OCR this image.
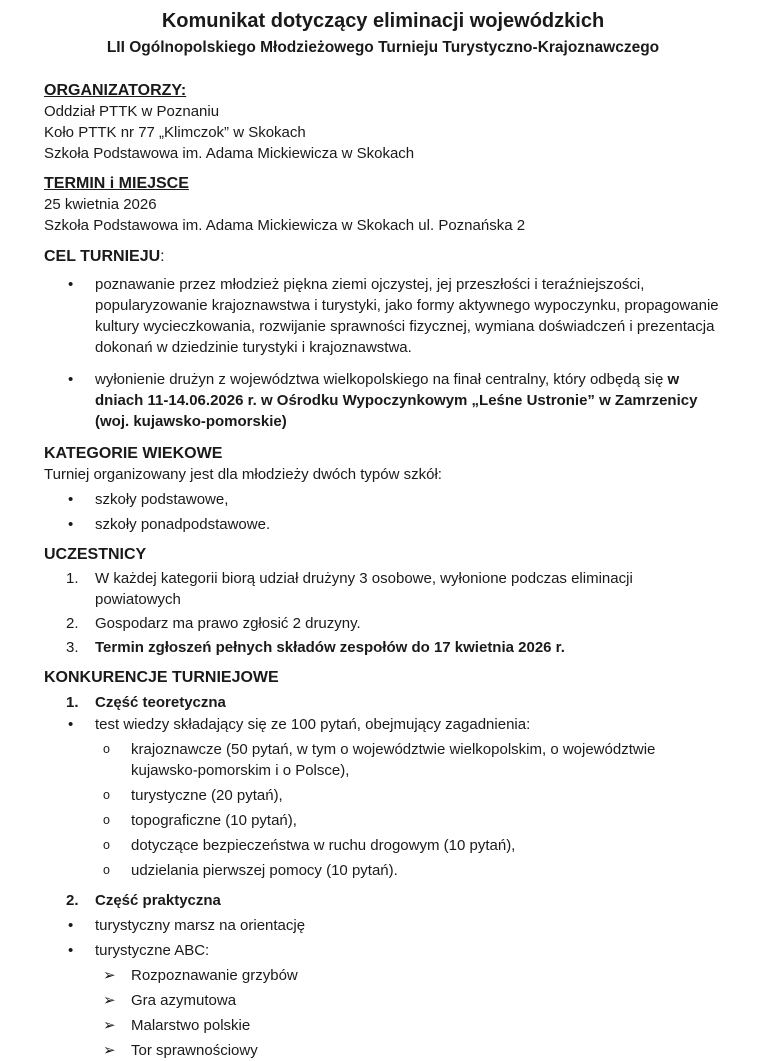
Komunikat dotyczący eliminacji wojewódzkich
LII Ogólnopolskiego Młodzieżowego Turnieju Turystyczno-Krajoznawczego
ORGANIZATORZY:
Oddział PTTK w Poznaniu
Koło PTTK nr 77 „Klimczok” w Skokach
Szkoła Podstawowa im. Adama Mickiewicza w Skokach
TERMIN i MIEJSCE
25 kwietnia 2026
Szkoła Podstawowa im. Adama Mickiewicza w Skokach ul. Poznańska 2
CEL TURNIEJU:
•	poznawanie przez młodzież piękna ziemi ojczystej, jej przeszłości i teraźniejszości, popularyzowanie krajoznawstwa i turystyki, jako formy aktywnego wypoczynku, propagowanie kultury wycieczkowania, rozwijanie sprawności fizycznej, wymiana doświadczeń i prezentacja dokonań w dziedzinie turystyki i krajoznawstwa.
•	wyłonienie drużyn z województwa wielkopolskiego na finał centralny, który odbędą się w dniach 11-14.06.2026 r. w Ośrodku Wypoczynkowym „Leśne Ustronie” w Zamrzenicy (woj. kujawsko-pomorskie)
KATEGORIE WIEKOWE
Turniej organizowany jest dla młodzieży dwóch typów szkół:
•	szkoły podstawowe,
•	szkoły ponadpodstawowe.
UCZESTNICY
1.	W każdej kategorii biorą udział drużyny 3 osobowe, wyłonione podczas eliminacji powiatowych
2.	Gospodarz ma prawo zgłosić 2 druzyny.
3.	Termin zgłoszeń pełnych składów zespołów do 17 kwietnia 2026 r.
KONKURENCJE TURNIEJOWE
1.	Część teoretyczna
•	test wiedzy składający się ze 100 pytań, obejmujący zagadnienia:
o	krajoznawcze (50 pytań, w tym o województwie wielkopolskim, o województwie kujawsko-pomorskim i o Polsce),
o	turystyczne (20 pytań),
o	topograficzne (10 pytań),
o	dotyczące bezpieczeństwa w ruchu drogowym (10 pytań),
o	udzielania pierwszej pomocy (10 pytań).
2.	Część praktyczna
•	turystyczny marsz na orientację
•	turystyczne ABC:
➢	Rozpoznawanie grzybów
➢	Gra azymutowa
➢	Malarstwo polskie
➢	Tor sprawnościowy
